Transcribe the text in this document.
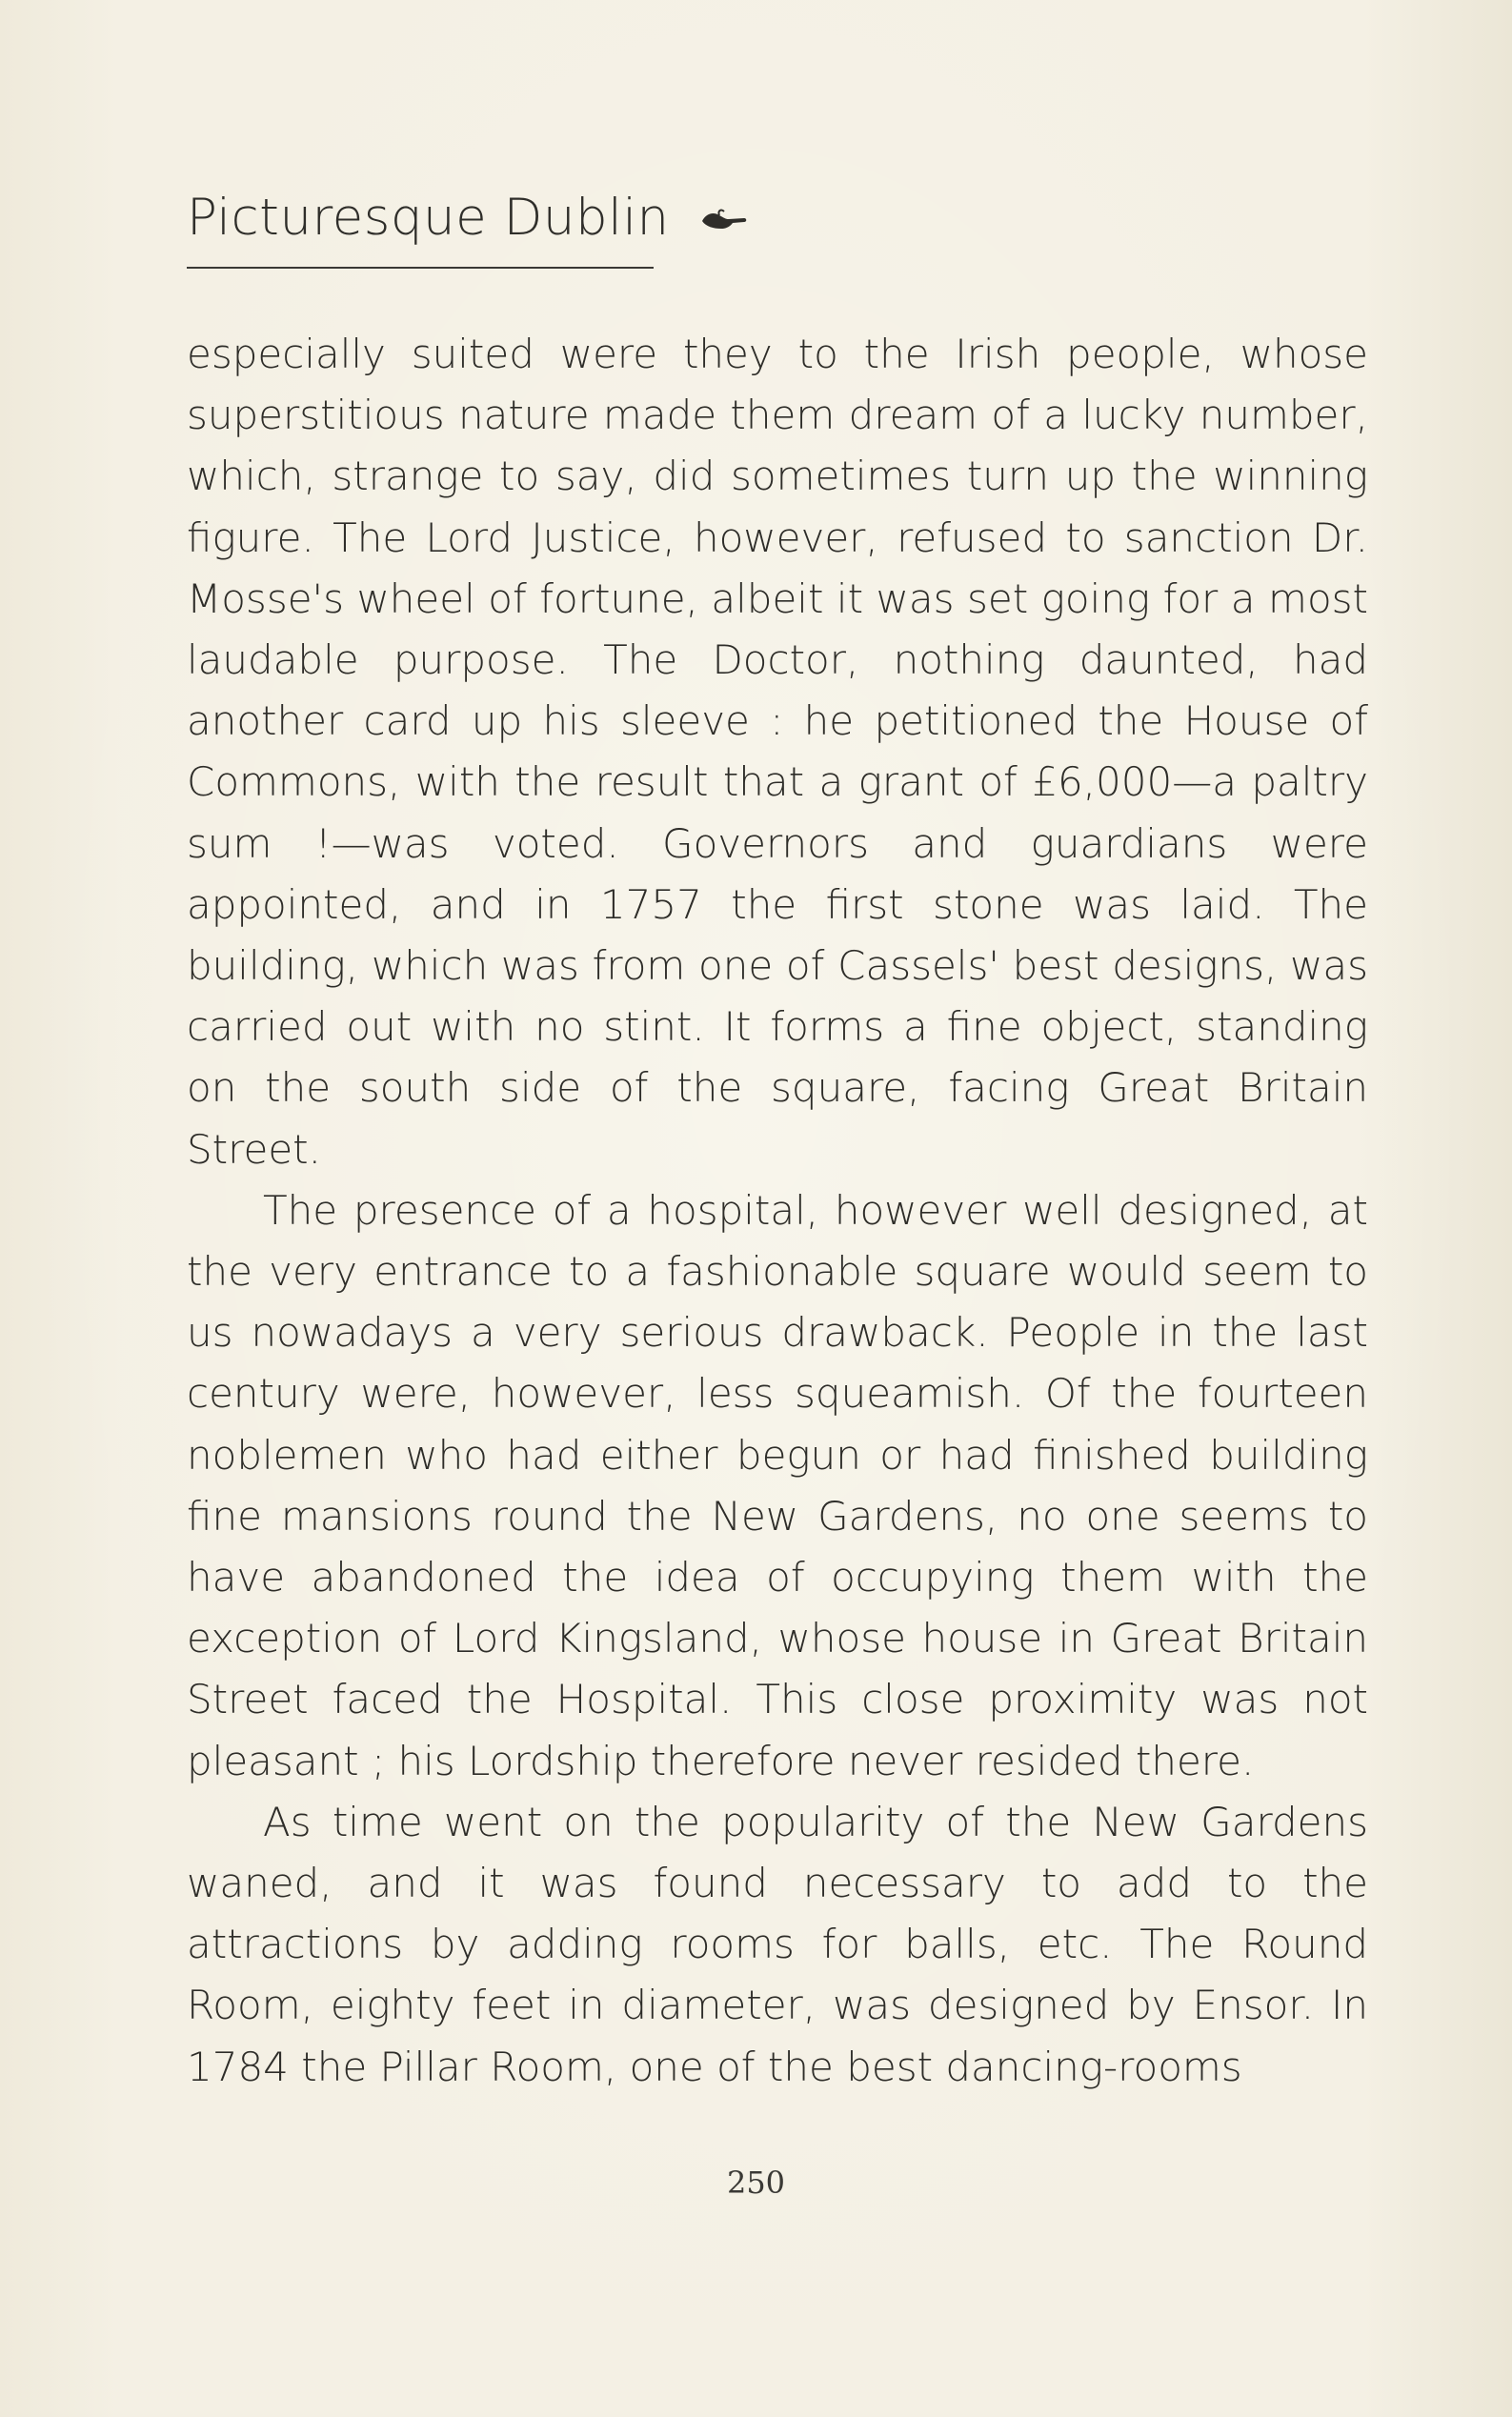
Picturesque Dublin

especially suited were they to the Irish people, whose superstitious nature made them dream of a lucky number, which, strange to say, did sometimes turn up the winning figure. The Lord Justice, however, refused to sanction Dr. Mosse's wheel of fortune, albeit it was set going for a most laudable purpose. The Doctor, nothing daunted, had another card up his sleeve : he petitioned the House of Commons, with the result that a grant of £6,000—a paltry sum !—was voted. Governors and guardians were appointed, and in 1757 the first stone was laid. The building, which was from one of Cassels' best designs, was carried out with no stint. It forms a fine object, standing on the south side of the square, facing Great Britain Street.

The presence of a hospital, however well designed, at the very entrance to a fashionable square would seem to us nowadays a very serious drawback. People in the last century were, however, less squeamish. Of the fourteen noblemen who had either begun or had finished building fine mansions round the New Gardens, no one seems to have abandoned the idea of occupying them with the exception of Lord Kingsland, whose house in Great Britain Street faced the Hospital. This close proximity was not pleasant ; his Lordship therefore never resided there.

As time went on the popularity of the New Gardens waned, and it was found necessary to add to the attractions by adding rooms for balls, etc. The Round Room, eighty feet in diameter, was designed by Ensor. In 1784 the Pillar Room, one of the best dancing-rooms

250
